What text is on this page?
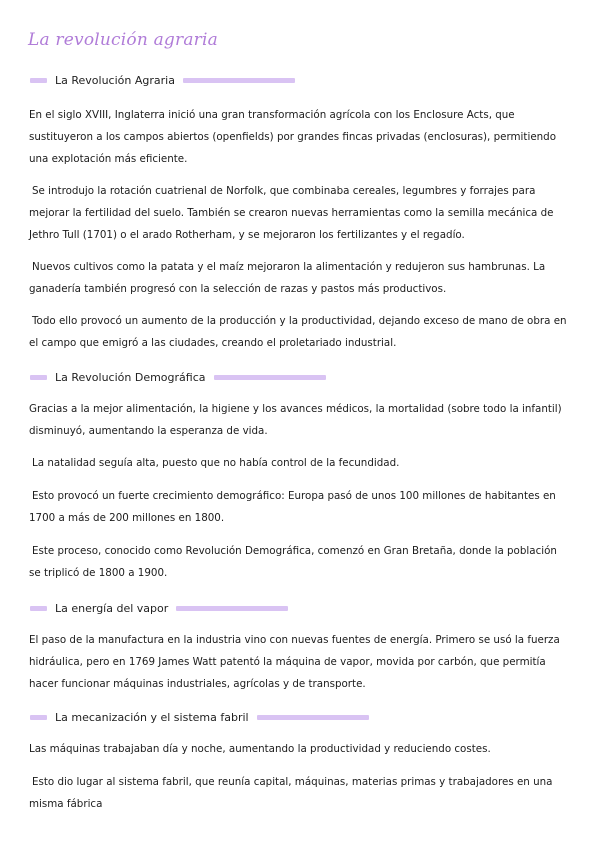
La revolución agraria
La Revolución Agraria

En el siglo XVIII, Inglaterra inició una gran transformación agrícola con los Enclosure Acts, que sustituyeron a los campos abiertos (openfields) por grandes fincas privadas (enclosuras), permitiendo una explotación más eficiente.

Se introdujo la rotación cuatrienal de Norfolk, que combinaba cereales, legumbres y forrajes para mejorar la fertilidad del suelo. También se crearon nuevas herramientas como la semilla mecánica de Jethro Tull (1701) o el arado Rotherham, y se mejoraron los fertilizantes y el regadío.

Nuevos cultivos como la patata y el maíz mejoraron la alimentación y redujeron sus hambrunas. La ganadería también progresó con la selección de razas y pastos más productivos.

Todo ello provocó un aumento de la producción y la productividad, dejando exceso de mano de obra en el campo que emigró a las ciudades, creando el proletariado industrial.

La Revolución Demográfica

Gracias a la mejor alimentación, la higiene y los avances médicos, la mortalidad (sobre todo la infantil) disminuyó, aumentando la esperanza de vida.

La natalidad seguía alta, puesto que no había control de la fecundidad.

Esto provocó un fuerte crecimiento demográfico: Europa pasó de unos 100 millones de habitantes en 1700 a más de 200 millones en 1800.

Este proceso, conocido como Revolución Demográfica, comenzó en Gran Bretaña, donde la población se triplicó de 1800 a 1900.

La energía del vapor

El paso de la manufactura en la industria vino con nuevas fuentes de energía. Primero se usó la fuerza hidráulica, pero en 1769 James Watt patentó la máquina de vapor, movida por carbón, que permitía hacer funcionar máquinas industriales, agrícolas y de transporte.

La mecanización y el sistema fabril

Las máquinas trabajaban día y noche, aumentando la productividad y reduciendo costes.

Esto dio lugar al sistema fabril, que reunía capital, máquinas, materias primas y trabajadores en una misma fábrica
